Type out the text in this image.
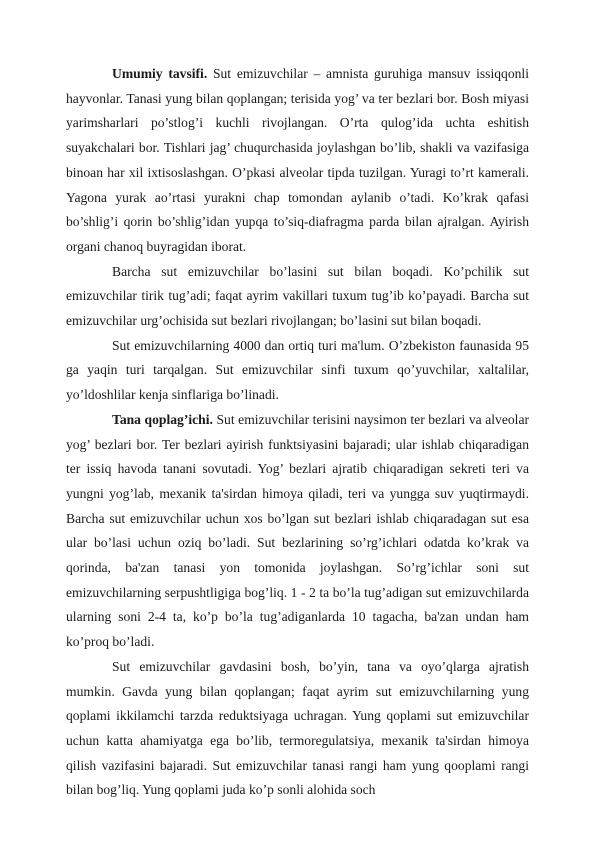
Umumiy tavsifi. Sut emizuvchilar – amnista guruhiga mansuv issiqqonli hayvonlar. Tanasi yung bilan qoplangan; terisida yog’ va ter bezlari bor. Bosh miyasi yarimsharlari po’stlog’i kuchli rivojlangan. O’rta qulog’ida uchta eshitish suyakchalari bor. Tishlari jag’ chuqurchasida joylashgan bo’lib, shakli va vazifasiga binoan har xil ixtisoslashgan. O’pkasi alveolar tipda tuzilgan. Yuragi to’rt kamerali. Yagona yurak ao’rtasi yurakni chap tomondan aylanib o’tadi. Ko’krak qafasi bo’shlig’i qorin bo’shlig’idan yupqa to’siq-diafragma parda bilan ajralgan. Ayirish organi chanoq buyragidan iborat.

Barcha sut emizuvchilar bo’lasini sut bilan boqadi. Ko’pchilik sut emizuvchilar tirik tug’adi; faqat ayrim vakillari tuxum tug’ib ko’payadi. Barcha sut emizuvchilar urg’ochisida sut bezlari rivojlangan; bo’lasini sut bilan boqadi.

Sut emizuvchilarning 4000 dan ortiq turi ma'lum. O’zbekiston faunasida 95 ga yaqin turi tarqalgan. Sut emizuvchilar sinfi tuxum qo’yuvchilar, xaltalilar, yo’ldoshlilar kenja sinflariga bo’linadi.

Tana qoplag’ichi. Sut emizuvchilar terisini naysimon ter bezlari va alveolar yog’ bezlari bor. Ter bezlari ayirish funktsiyasini bajaradi; ular ishlab chiqaradigan ter issiq havoda tanani sovutadi. Yog’ bezlari ajratib chiqaradigan sekreti teri va yungni yog’lab, mexanik ta'sirdan himoya qiladi, teri va yungga suv yuqtirmaydi. Barcha sut emizuvchilar uchun xos bo’lgan sut bezlari ishlab chiqaradagan sut esa ular bo’lasi uchun oziq bo’ladi. Sut bezlarining so’rg’ichlari odatda ko’krak va qorinda, ba'zan tanasi yon tomonida joylashgan. So’rg’ichlar soni sut emizuvchilarning serpushtligiga bog’liq. 1 - 2 ta bo’la tug’adigan sut emizuvchilarda ularning soni 2-4 ta, ko’p bo’la tug’adiganlarda 10 tagacha, ba'zan undan ham ko’proq bo’ladi.

Sut emizuvchilar gavdasini bosh, bo’yin, tana va oyo’qlarga ajratish mumkin. Gavda yung bilan qoplangan; faqat ayrim sut emizuvchilarning yung qoplami ikkilamchi tarzda reduktsiyaga uchragan. Yung qoplami sut emizuvchilar uchun katta ahamiyatga ega bo’lib, termoregulatsiya, mexanik ta'sirdan himoya qilish vazifasini bajaradi. Sut emizuvchilar tanasi rangi ham yung qooplami rangi bilan bog’liq. Yung qoplami juda ko’p sonli alohida soch
